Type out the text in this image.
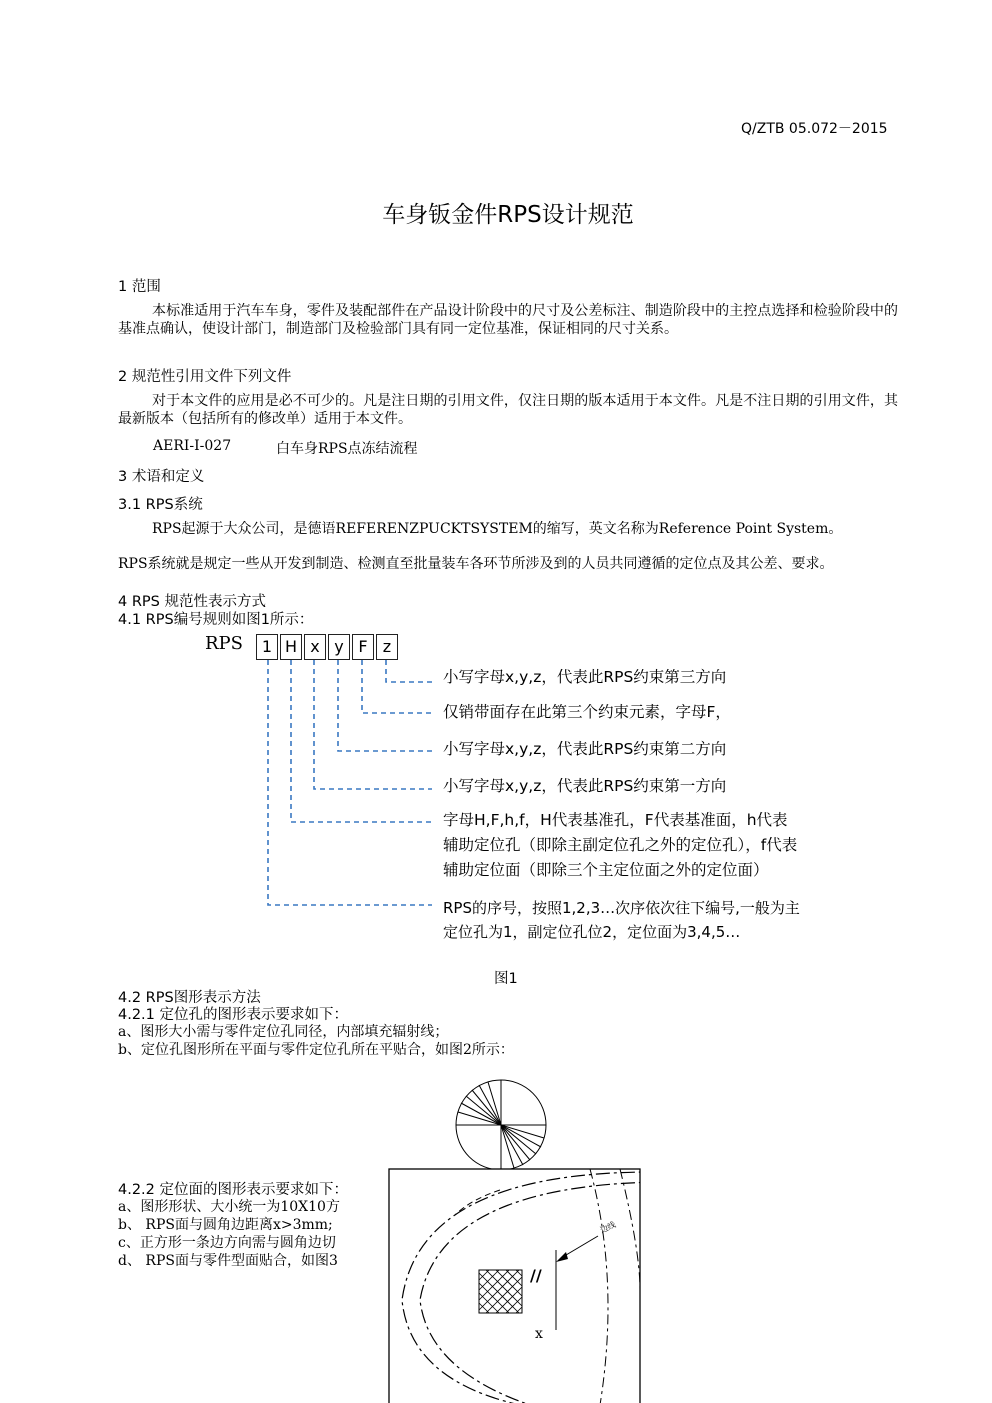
Q/ZTB 05.072－2015
车身钣金件RPS设计规范
1 范围
本标准适用于汽车车身，零件及装配部件在产品设计阶段中的尺寸及公差标注、制造阶段中的主控点选择和检验阶段中的基准点确认，使设计部门，制造部门及检验部门具有同一定位基准，保证相同的尺寸关系。
2 规范性引用文件下列文件
对于本文件的应用是必不可少的。凡是注日期的引用文件，仅注日期的版本适用于本文件。凡是不注日期的引用文件，其最新版本（包括所有的修改单）适用于本文件。
AERI-I-027	白车身RPS点冻结流程
3 术语和定义
3.1 RPS系统
RPS起源于大众公司，是德语REFERENZPUCKTSYSTEM的缩写，英文名称为Reference Point System。
RPS系统就是规定一些从开发到制造、检测直至批量装车各环节所涉及到的人员共同遵循的定位点及其公差、要求。
4 RPS 规范性表示方式
4.1 RPS编号规则如图1所示：
RPS	1 H x y F z
小写字母x,y,z，代表此RPS约束第三方向
仅销带面存在此第三个约束元素，字母F，
小写字母x,y,z，代表此RPS约束第二方向
小写字母x,y,z，代表此RPS约束第一方向
字母H,F,h,f，H代表基准孔，F代表基准面，h代表辅助定位孔（即除主副定位孔之外的定位孔），f代表辅助定位面（即除三个主定位面之外的定位面）
RPS的序号，按照1,2,3…次序依次往下编号,一般为主定位孔为1，副定位孔位2，定位面为3,4,5…
图1
4.2 RPS图形表示方法
4.2.1 定位孔的图形表示要求如下：
a、图形大小需与零件定位孔同径，内部填充辐射线；
b、定位孔图形所在平面与零件定位孔所在平贴合，如图2所示：
4.2.2 定位面的图形表示要求如下：
a、图形形状、大小统一为10X10方
b、 RPS面与圆角边距离x>3mm;
c、正方形一条边方向需与圆角边切
d、 RPS面与零件型面贴合，如图3
//
x
边线
